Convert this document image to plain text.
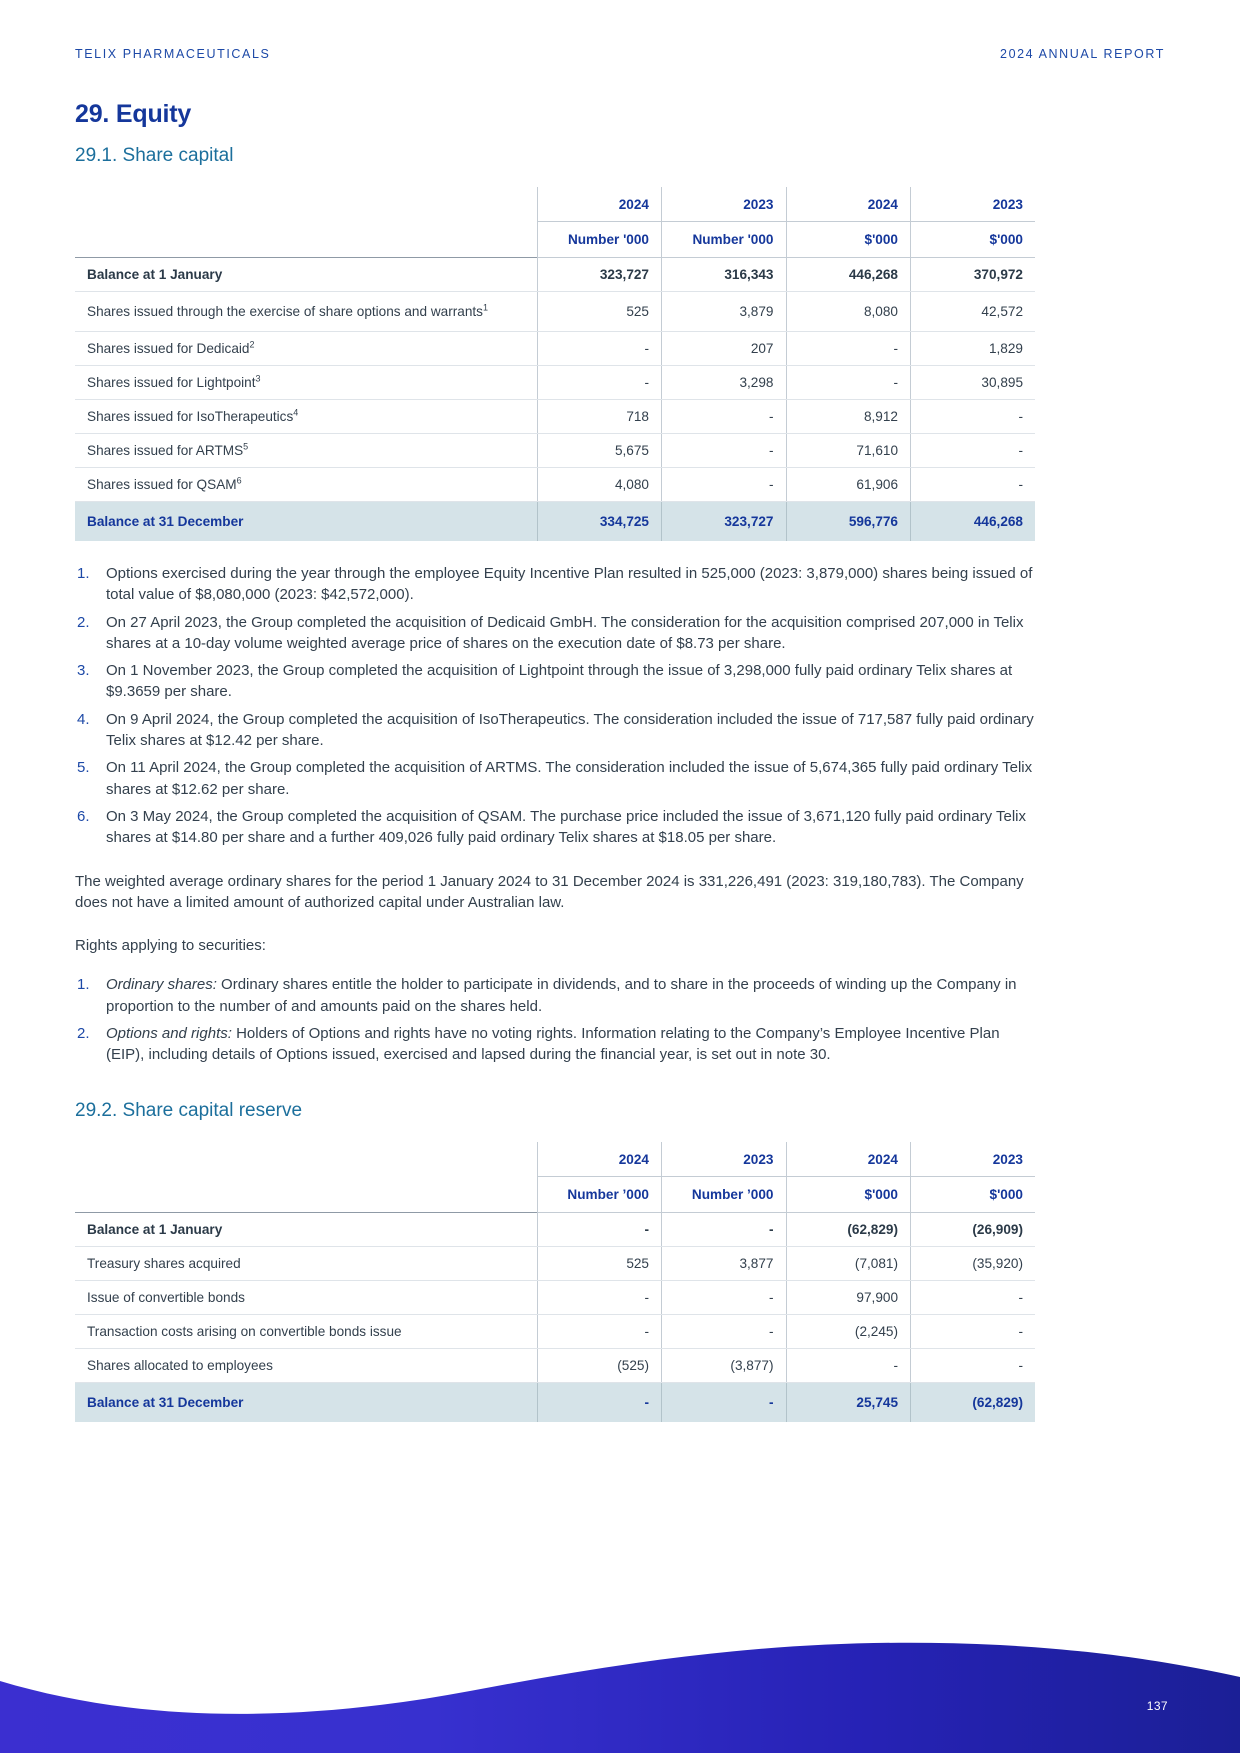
TELIX PHARMACEUTICALS	2024 ANNUAL REPORT
29. Equity
29.1. Share capital
	2024	2023	2024	2023
	Number '000	Number '000	$'000	$'000
Balance at 1 January	323,727	316,343	446,268	370,972
Shares issued through the exercise of share options and warrants$^1$	525	3,879	8,080	42,572
Shares issued for Dedicaid$^2$	-	207	-	1,829
Shares issued for Lightpoint$^3$	-	3,298	-	30,895
Shares issued for IsoTherapeutics$^4$	718	-	8,912	-
Shares issued for ARTMS$^5$	5,675	-	71,610	-
Shares issued for QSAM$^6$	4,080	-	61,906	-
Balance at 31 December	334,725	323,727	596,776	446,268
Options exercised during the year through the employee Equity Incentive Plan resulted in 525,000 (2023: 3,879,000) shares being issued of total value of $8,080,000 (2023: $42,572,000).
On 27 April 2023, the Group completed the acquisition of Dedicaid GmbH. The consideration for the acquisition comprised 207,000 in Telix shares at a 10-day volume weighted average price of shares on the execution date of $8.73 per share.
On 1 November 2023, the Group completed the acquisition of Lightpoint through the issue of 3,298,000 fully paid ordinary Telix shares at $9.3659 per share.
On 9 April 2024, the Group completed the acquisition of IsoTherapeutics. The consideration included the issue of 717,587 fully paid ordinary Telix shares at $12.42 per share.
On 11 April 2024, the Group completed the acquisition of ARTMS. The consideration included the issue of 5,674,365 fully paid ordinary Telix shares at $12.62 per share.
On 3 May 2024, the Group completed the acquisition of QSAM. The purchase price included the issue of 3,671,120 fully paid ordinary Telix shares at $14.80 per share and a further 409,026 fully paid ordinary Telix shares at $18.05 per share.

The weighted average ordinary shares for the period 1 January 2024 to 31 December 2024 is 331,226,491 (2023: 319,180,783). The Company does not have a limited amount of authorized capital under Australian law.

Rights applying to securities:

Ordinary shares: Ordinary shares entitle the holder to participate in dividends, and to share in the proceeds of winding up the Company in proportion to the number of and amounts paid on the shares held.
Options and rights: Holders of Options and rights have no voting rights. Information relating to the Company’s Employee Incentive Plan (EIP), including details of Options issued, exercised and lapsed during the financial year, is set out in note 30.
29.2. Share capital reserve
	2024	2023	2024	2023
	Number ’000	Number ’000	$'000	$'000
Balance at 1 January	-	-	(62,829)	(26,909)
Treasury shares acquired	525	3,877	(7,081)	(35,920)
Issue of convertible bonds	-	-	97,900	-
Transaction costs arising on convertible bonds issue	-	-	(2,245)	-
Shares allocated to employees	(525)	(3,877)	-	-
Balance at 31 December	-	-	25,745	(62,829)
137
